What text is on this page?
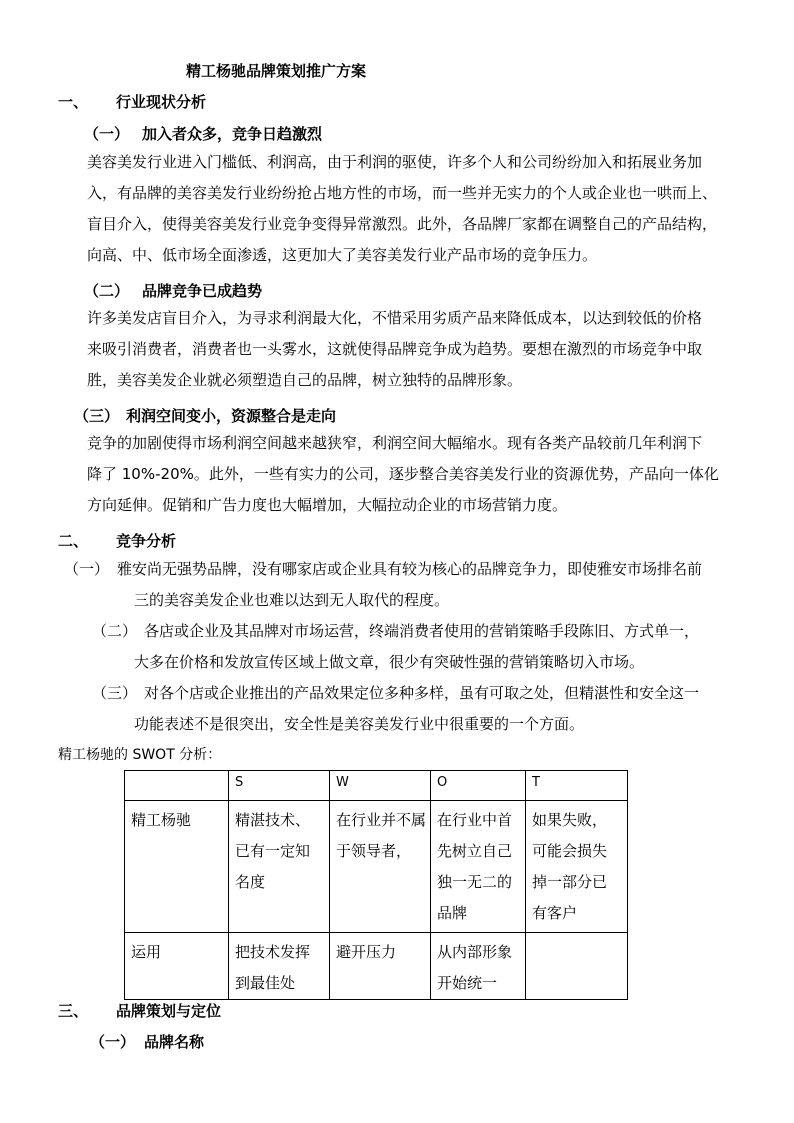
精工杨驰品牌策划推广方案
一、 行业现状分析
（一） 加入者众多，竞争日趋激烈
美容美发行业进入门槛低、利润高，由于利润的驱使，许多个人和公司纷纷加入和拓展业务加
入，有品牌的美容美发行业纷纷抢占地方性的市场，而一些并无实力的个人或企业也一哄而上、
盲目介入，使得美容美发行业竞争变得异常激烈。此外，各品牌厂家都在调整自己的产品结构，
向高、中、低市场全面渗透，这更加大了美容美发行业产品市场的竞争压力。
（二） 品牌竞争已成趋势
许多美发店盲目介入，为寻求利润最大化，不惜采用劣质产品来降低成本，以达到较低的价格
来吸引消费者，消费者也一头雾水，这就使得品牌竞争成为趋势。要想在激烈的市场竞争中取
胜，美容美发企业就必须塑造自己的品牌，树立独特的品牌形象。
（三） 利润空间变小，资源整合是走向
竞争的加剧使得市场利润空间越来越狭窄，利润空间大幅缩水。现有各类产品较前几年利润下
降了 10%-20%。此外，一些有实力的公司，逐步整合美容美发行业的资源优势，产品向一体化
方向延伸。促销和广告力度也大幅增加，大幅拉动企业的市场营销力度。
二、 竞争分析
（一） 雅安尚无强势品牌，没有哪家店或企业具有较为核心的品牌竞争力，即使雅安市场排名前
三的美容美发企业也难以达到无人取代的程度。
（二） 各店或企业及其品牌对市场运营，终端消费者使用的营销策略手段陈旧、方式单一，
大多在价格和发放宣传区域上做文章，很少有突破性强的营销策略切入市场。
（三） 对各个店或企业推出的产品效果定位多种多样，虽有可取之处，但精湛性和安全这一
功能表述不是很突出，安全性是美容美发行业中很重要的一个方面。
精工杨驰的 SWOT 分析：
	S	W	O	T

精工杨驰	精湛技术、已有一定知名度	在行业并不属于领导者，	在行业中首先树立自己独一无二的品牌	如果失败，可能会损失掉一部分已有客户

运用	把技术发挥到最佳处	避开压力	从内部形象开始统一	

三、 品牌策划与定位
（一） 品牌名称
